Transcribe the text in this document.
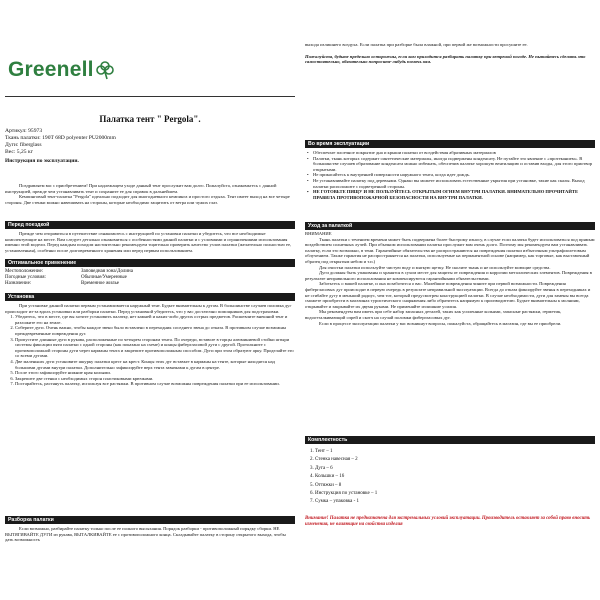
Greenell
Палатка тент " Pergola".
Артикул: 95973
Ткань палатки: 190T 68D polyenter PU2000mm
Дуги: fiberglass
Вес: 5,25 кг
Инструкция по эксплуатации.

Поздравляем вас с приобретением! При надлежащем уходе данный тент прослужит вам долго. Пожалуйста, ознакомьтесь с данной инструкцией, прежде чем устанавливать тент и сохраните ее для справок в дальнейшем.

Кемпинговый тент-палатка "Pergola" идеально подходит для многодневного кемпинга и простого отдыха. Тент имеет выход на все четыре стороны. Две стенки можно навешивать на стороны, которые необходимо защитить от ветра или чужих глаз.

Перед поездкой

Прежде чем отправиться в путешествие ознакомьтесь с инструкцией по установки палатки и убедитесь, что все необходимые комплектующие на месте. Вам следует детально ознакомиться с особенностями данной палатки и с условиями и ограничениями использования именно этой модели. Перед каждым походом настоятельно рекомендуем тщательно проверить качество узлов палатки (желательно полностью ее, установленная), особенно после долговременного хранения или перед первым использованием.

Оптимальное применение
Местоположение:	Заповедная зона/Долина
Погодные условия:	Обычные/Умеренные
Назначение:	Временное жилье
Установка

При установке данной палатки первым устанавливается наружный тент. Будьте внимательны к дугам. В большинстве случаев поломка дуг происходит из-за вдоль установки или разборки палатки. Перед установкой убедитесь, что у вас достаточно помощников для подстраховки.

1. Убедитесь, что в месте, где вы хотите установить палатку, нет камней и каких-либо других острых предметов. Расшевлите внешний тент и разложите его на земле.
2. Соберите дуги. Очень важно, чтобы каждое звено было вставлено в переходник соседнего звена до отказа. В противном случае возможны преждевременные повреждения дуг.
3. Пропустите длинные дуги в рукава, расположенные по четырем сторонам тента. По очереди, вставьте в торцы алюминиевой стойки штыри системы фиксации пяти палатки с одной стороны (как показано на схеме) и концы фибергласовой дуги с другой. Протолкните с противоположной стороны дуги через карманы тента и закрепите противоположным способом. Дуги при этом образуют арку. Проделайте это со всеми дугами.
4. Две маленьких дуги установите шкурку палатки крест на крест. Концы этих дуг вставьте в карманы на тенте, которые находятся над большими дугами внутри палатки. Дополнительно зафиксируйте верх тента завязками к дугам в центре.
5. После этого зафиксируйте нижние края кольями.
6. Закрепите две стенки с необходимых сторон пластиковыми крючками.
7. Постарайтесь, растянуть палатку, используя все растяжки. В противном случае возможны повреждения палатки при ее использовании.
Разборка палатки

Если возможно, разбирайте палатку только после ее полного высыхания. Порядок разборки - противоположный порядку сборки. НЕ ВЫТЯГИВАЙТЕ ДУГИ из рукава, ВЫТАЛКИВАЙТЕ ее с противоположного конца. Складывайте палатку в сторону открытого выхода, чтобы дать возможность

выхода излишнего воздуха. Если палатка при разборке была влажной, при первой же возможности просушите ее.

Пожалуйста, будьте предельно осторожны, если вам приходится разбирать палатку при ветреной погоде. Не пытайтесь сделать это самостоятельно, обязательно попросите-либудь помочь вам.

Во время эксплуатации
• Обеспечьте плоечное покрытие дна и крыши палатки от воздействия абразивных материалов
• Палатки, ткань которых содержит синтетические материалы, иногда подвержены конденсату. Не путайте это явление с «протеканием». В большинстве случаев образование конденсата можно избежать, обеспечив палатке хорошую вентиляцию и оставив входы, для этого приотвор открытыми.
• Не прикасайтесь к внутренней поверхности наружного тента, когда идет дождь.
• Не устанавливайте палатку под деревьями. Однако вы можете использовать естественные укрытия при установке, такие как скалы. Выход палатки расположите с подветренной стороны.
• НЕ ГОТОВЬТЕ ПИЩУ И НЕ ПОЛЬЗУЙТЕСЬ ОТКРЫТЫМ ОГНЕМ ВНУТРИ ПАЛАТКИ. ВНИМАТЕЛЬНО ПРОЧИТАЙТЕ ПРАВИЛА ПРОТИВОПОЖАРНОЙ БЕЗОПАСНОСТИ НА ВНУТРИ ПАЛАТКИ.
Уход за палаткой

ВНИМАНИЕ

Ткань палатки с течением времени может быть подвержена более быстрому износу, в случае если палатка будет использоваться под прямым воздействием солнечных лучей. При обычном использовании палатка прослужит вам очень долго. Поэтому мы рекомендуем вам устанавливать палатку, если это возможно, в тени. Гарантийные обязательства не распространяются на повреждения палатки избыточным ультрафиолетовым облучением. Также гарантия не распространяется на палатки, используемые на перманентной основе (например, как торговые, как выставочный образец под открытым небом и т.п.)

Для очистки палатки используйте чистую воду и мягкую щетку. Не сколите ткань и не используйте моющие средства.

Дуги должны быть упакованы и хранятся в сухом месте для защиты от повреждения и коррозии металлических элементов. Повреждения в результате неправильного использования не компенсируются гарантийными обязательствами.

Заботьтесь о вашей палатке, и она позаботится о вас. Малейшие повреждения чините при первой возможности. Повреждения фибергласовых дуг происходят в первую очередь в результате неправильной эксплуатации. Всегда до отказа фиксируйте звенья в переходниках и не сгибайте дугу в меньший радиус, чем тот, который предусмотрен конструкцией палатки. В случае необходимости, дуги для замены вы всегда сможете приобрести в магазинах туристического снаряжения либо обратитесь напрямую к производителю. Будьте внимательны к молниям, открывайте и закрывайте их двумя руками. Не применяйте излишние усилия.

Мы рекомендуем вам иметь при себе набор запасных деталей, таких как усиленные кольями, запасные растяжки, герметик, водоотталкивающий спрей и скотч на случай поломки фибергласовых дуг.

Если в процессе эксплуатации палатки у вас возникнут вопросы, пожалуйста, обращайтесь в магазин, где вы ее приобрели.

Комплектность
1. Тент – 1
2. Стенка навесная – 2
3. Дуга – 6
4. Кольшки – 16
5. Оттяжки – 8
6. Инструкция по установке – 1
7. Сумка – упаковка - 1

Внимание! Палатка не предназначена для экстремальных условий эксплуатации. Производитель оставляет за собой право вносить изменения, не влияющие на свойства изделия
